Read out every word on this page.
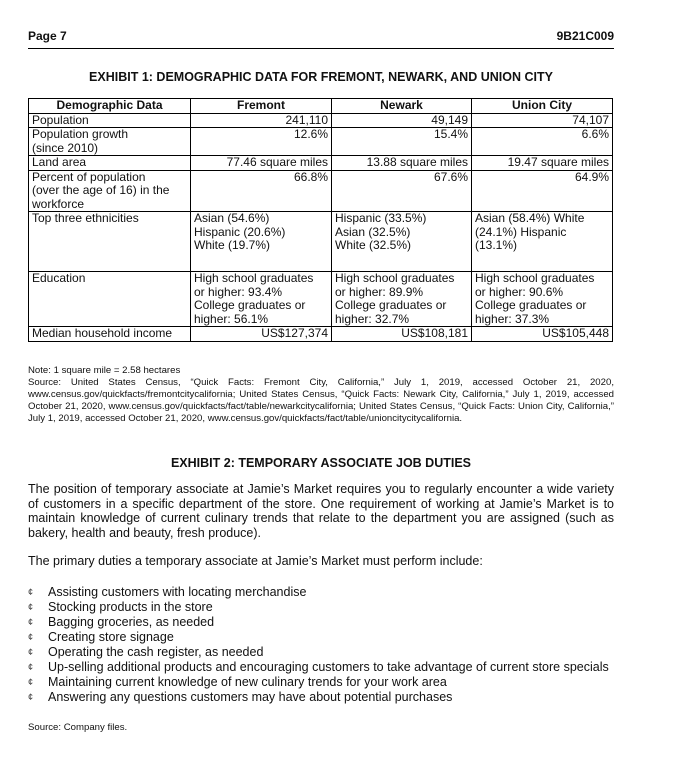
Page 7	9B21C009
EXHIBIT 1: DEMOGRAPHIC DATA FOR FREMONT, NEWARK, AND UNION CITY
Demographic Data	Fremont	Newark	Union City
Population	241,110	49,149	74,107

Population growth
(since 2010)	12.6%	15.4%	6.6%
Land area	77.46 square miles	13.88 square miles	19.47 square miles

Percent of population
(over the age of 16) in the
workforce	66.8%	67.6%	64.9%
Top three ethnicities	Asian (54.6%)
Hispanic (20.6%)
White (19.7%)	Hispanic (33.5%)
Asian (32.5%)
White (32.5%)	Asian (58.4%) White
(24.1%) Hispanic
(13.1%)

Education	High school graduates
or higher: 93.4%
College graduates or
higher: 56.1%	High school graduates
or higher: 89.9%
College graduates or
higher: 32.7%	High school graduates
or higher: 90.6%
College graduates or
higher: 37.3%

Median household income	US$127,374	US$108,181	US$105,448
Note: 1 square mile = 2.58 hectares
Source: United States Census, “Quick Facts: Fremont City, California,” July 1, 2019, accessed October 21, 2020, www.census.gov/quickfacts/fremontcitycalifornia; United States Census, “Quick Facts: Newark City, California,” July 1, 2019, accessed October 21, 2020, www.census.gov/quickfacts/fact/table/newarkcitycalifornia; United States Census, “Quick Facts: Union City, California,” July 1, 2019, accessed October 21, 2020, www.census.gov/quickfacts/fact/table/unioncitycitycalifornia.
EXHIBIT 2: TEMPORARY ASSOCIATE JOB DUTIES
The position of temporary associate at Jamie’s Market requires you to regularly encounter a wide variety of customers in a specific department of the store. One requirement of working at Jamie’s Market is to maintain knowledge of current culinary trends that relate to the department you are assigned (such as bakery, health and beauty, fresh produce).
The primary duties a temporary associate at Jamie’s Market must perform include:
¢ Assisting customers with locating merchandise
¢ Stocking products in the store
¢ Bagging groceries, as needed
¢ Creating store signage
¢ Operating the cash register, as needed
¢ Up-selling additional products and encouraging customers to take advantage of current store specials
¢ Maintaining current knowledge of new culinary trends for your work area
¢ Answering any questions customers may have about potential purchases
Source: Company files.
